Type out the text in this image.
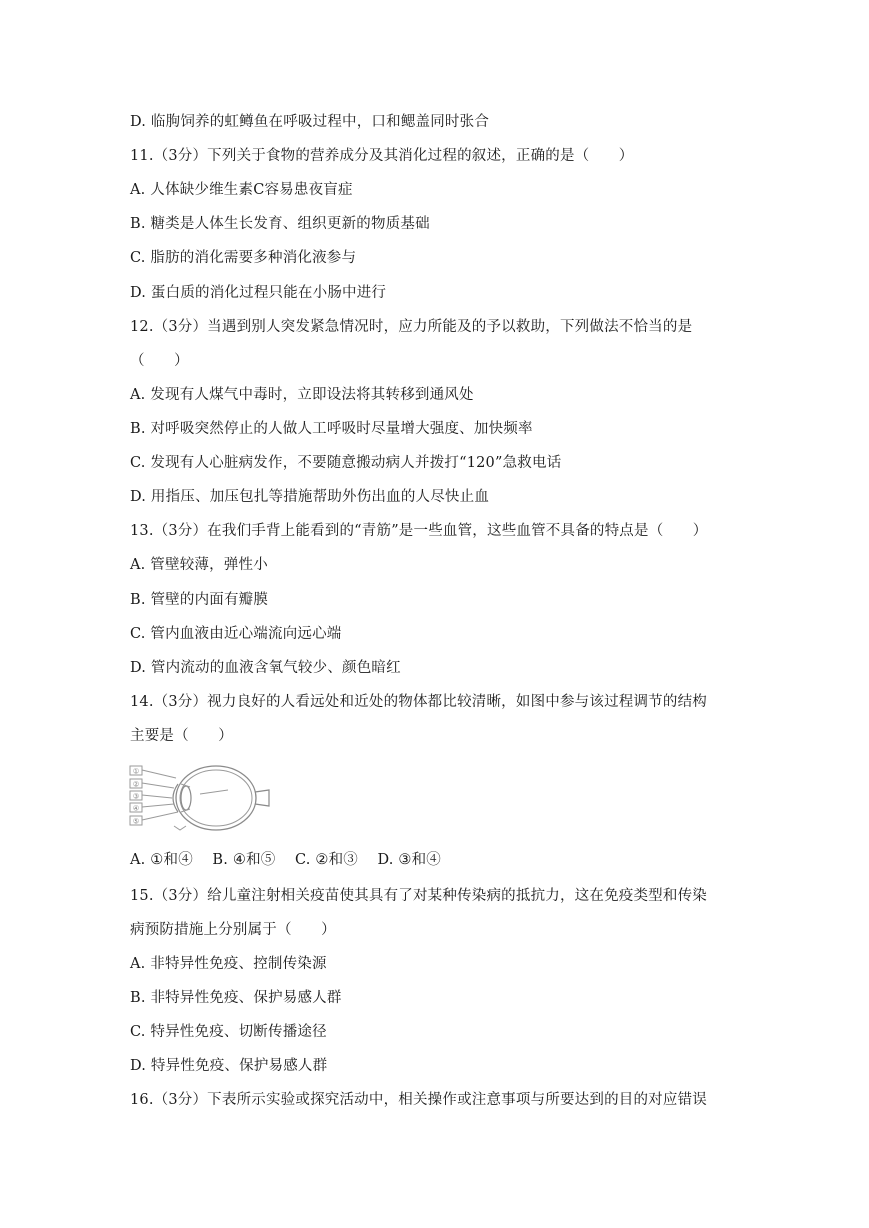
D. 临朐饲养的虹鳟鱼在呼吸过程中，口和鳃盖同时张合
11.（3分）下列关于食物的营养成分及其消化过程的叙述，正确的是（　　）
A. 人体缺少维生素C容易患夜盲症
B. 糖类是人体生长发育、组织更新的物质基础
C. 脂肪的消化需要多种消化液参与
D. 蛋白质的消化过程只能在小肠中进行
12.（3分）当遇到别人突发紧急情况时，应力所能及的予以救助，下列做法不恰当的是
（　　）
A. 发现有人煤气中毒时，立即设法将其转移到通风处
B. 对呼吸突然停止的人做人工呼吸时尽量增大强度、加快频率
C. 发现有人心脏病发作，不要随意搬动病人并拨打“120”急救电话
D. 用指压、加压包扎等措施帮助外伤出血的人尽快止血
13.（3分）在我们手背上能看到的“青筋”是一些血管，这些血管不具备的特点是（　　）
A. 管壁较薄，弹性小
B. 管壁的内面有瓣膜
C. 管内血液由近心端流向远心端
D. 管内流动的血液含氧气较少、颜色暗红
14.（3分）视力良好的人看远处和近处的物体都比较清晰，如图中参与该过程调节的结构
主要是（　　）
①
②
③
④
⑤
A. ①和④　 B. ④和⑤　 C. ②和③　 D. ③和④
15.（3分）给儿童注射相关疫苗使其具有了对某种传染病的抵抗力，这在免疫类型和传染
病预防措施上分别属于（　　）
A. 非特异性免疫、控制传染源
B. 非特异性免疫、保护易感人群
C. 特异性免疫、切断传播途径
D. 特异性免疫、保护易感人群
16.（3分）下表所示实验或探究活动中，相关操作或注意事项与所要达到的目的对应错误
